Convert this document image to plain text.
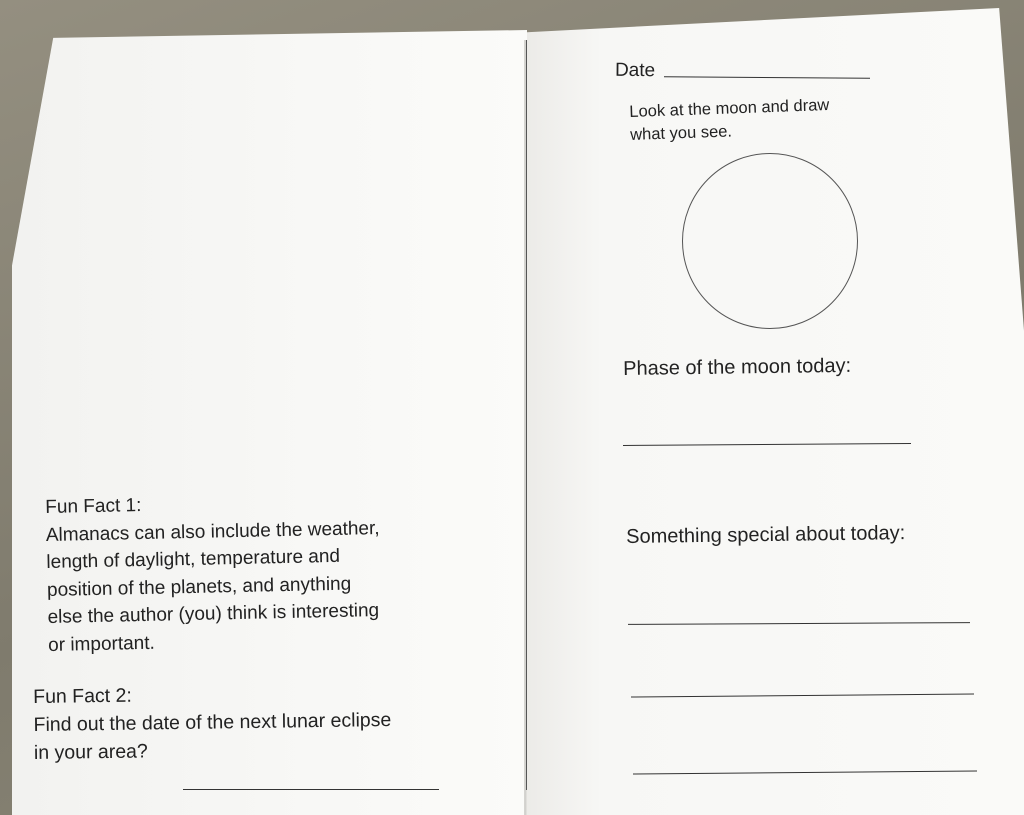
Fun Fact 1:
Almanacs can also include the weather,
length of daylight, temperature and
position of the planets, and anything
else the author (you) think is interesting
or important.
Fun Fact 2:
Find out the date of the next lunar eclipse
in your area?
Date
Look at the moon and draw
what you see.
Phase of the moon today:
Something special about today:
